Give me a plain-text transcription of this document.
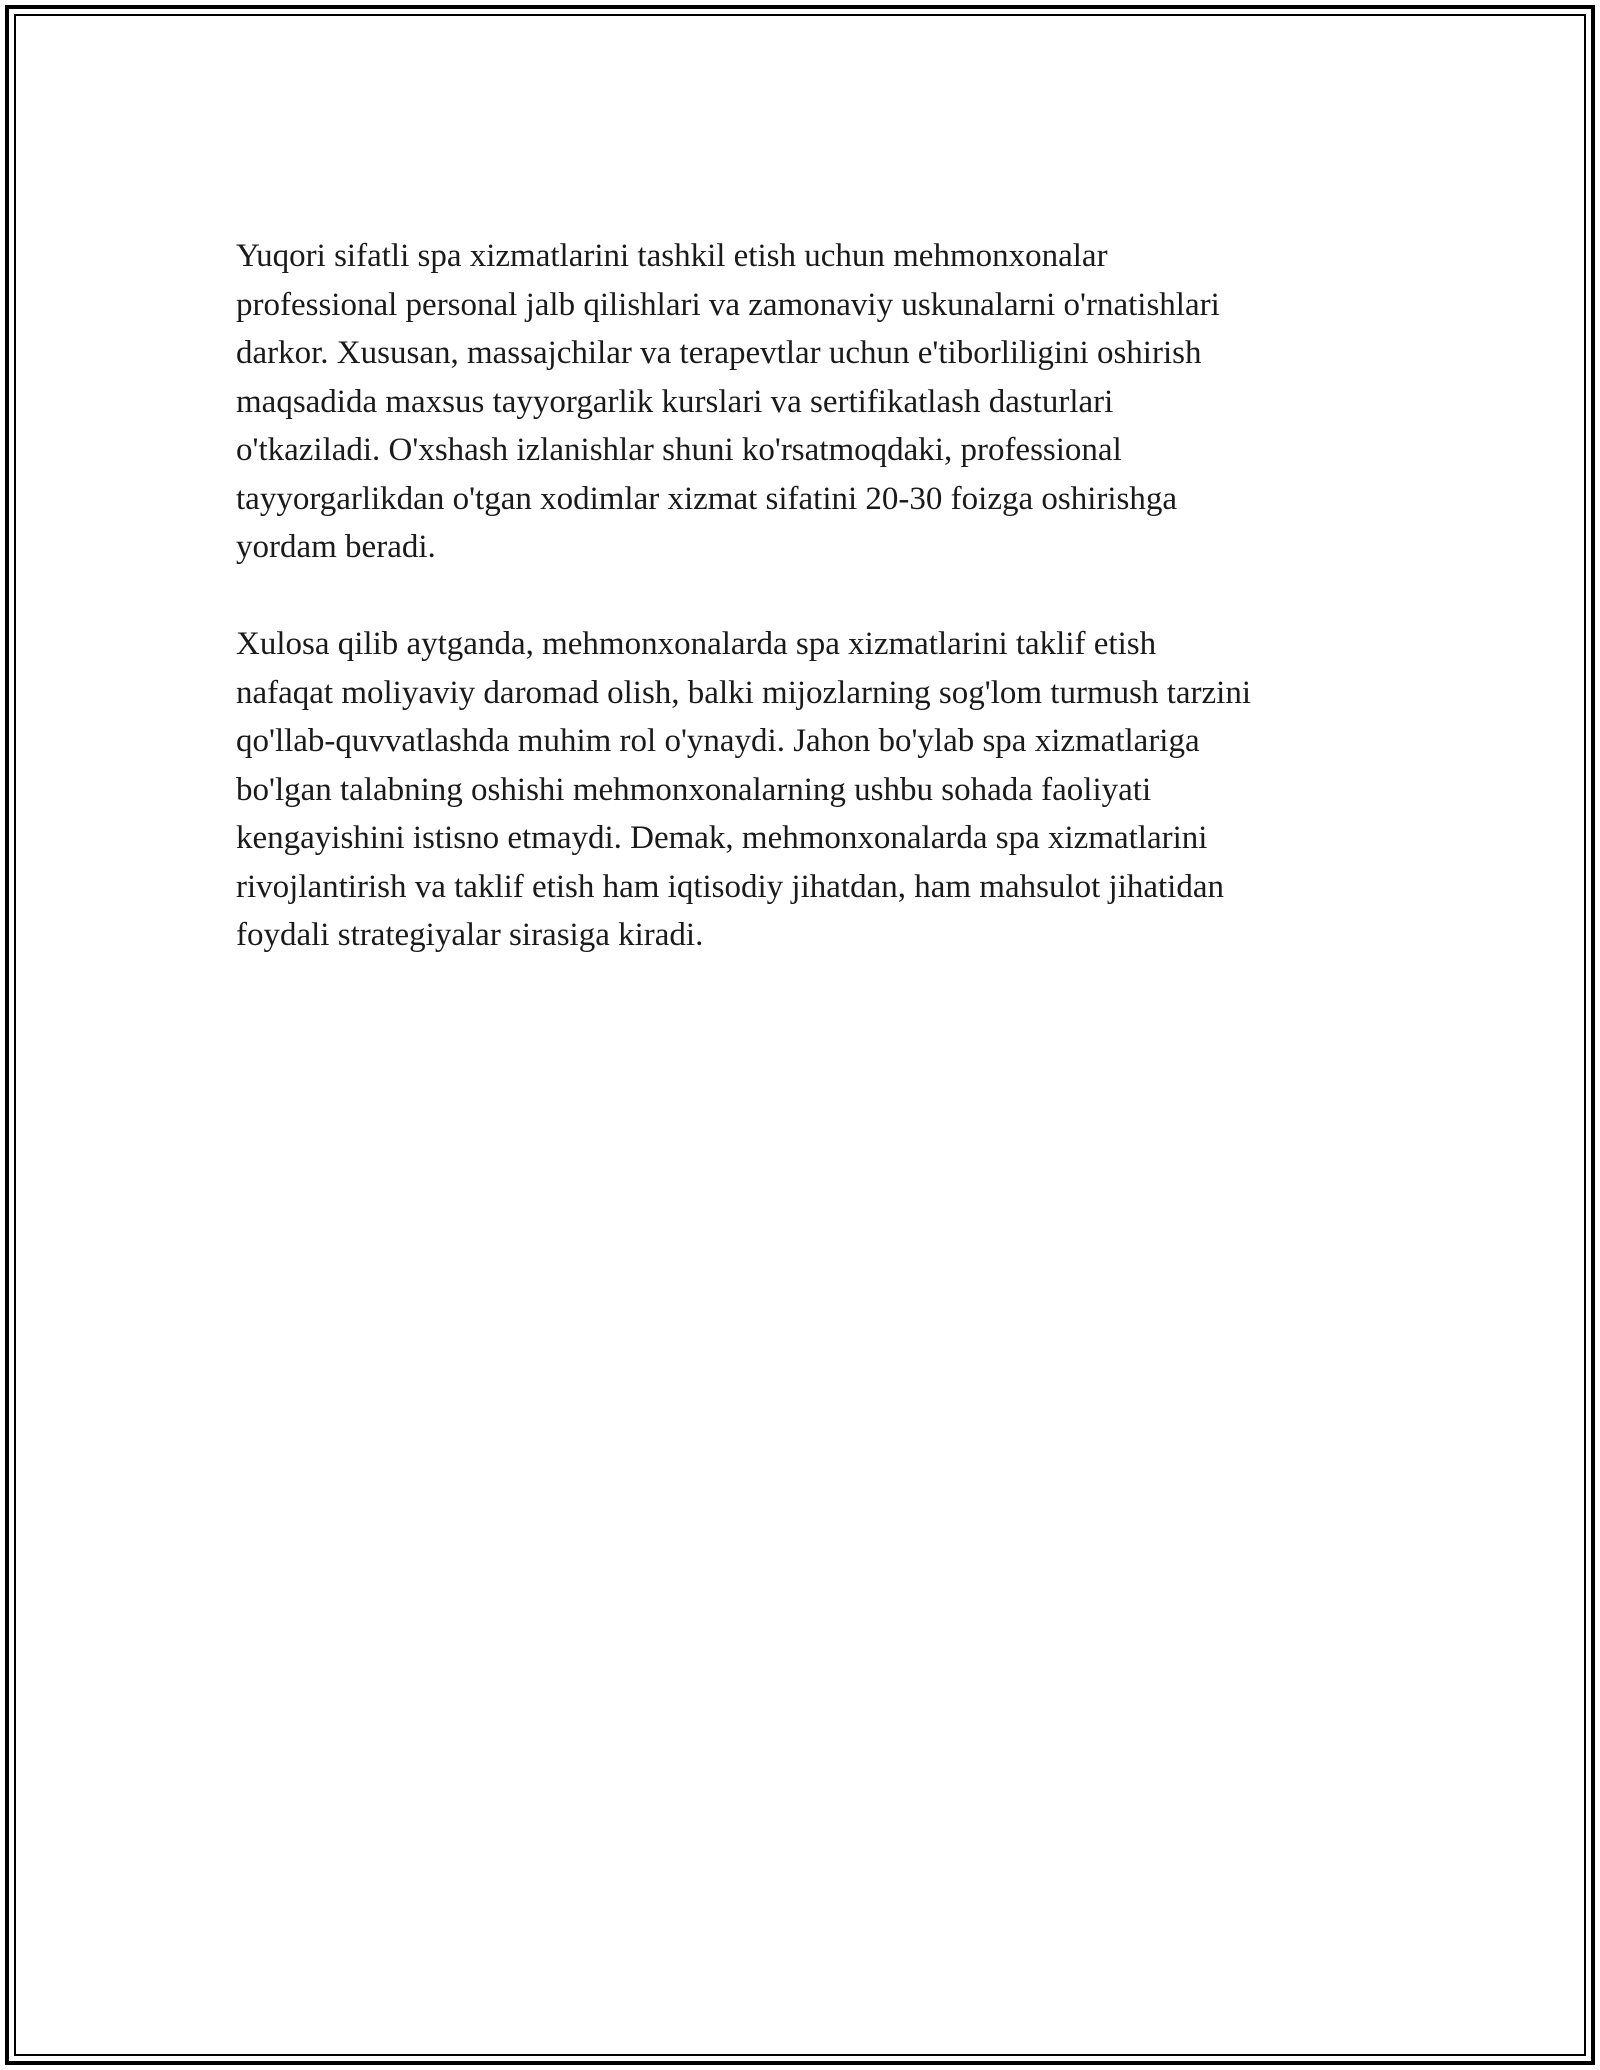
Yuqori sifatli spa xizmatlarini tashkil etish uchun mehmonxonalar
professional personal jalb qilishlari va zamonaviy uskunalarni o'rnatishlari
darkor. Xususan, massajchilar va terapevtlar uchun e'tiborliligini oshirish
maqsadida maxsus tayyorgarlik kurslari va sertifikatlash dasturlari
o'tkaziladi. O'xshash izlanishlar shuni ko'rsatmoqdaki, professional
tayyorgarlikdan o'tgan xodimlar xizmat sifatini 20-30 foizga oshirishga
yordam beradi.

Xulosa qilib aytganda, mehmonxonalarda spa xizmatlarini taklif etish
nafaqat moliyaviy daromad olish, balki mijozlarning sog'lom turmush tarzini
qo'llab-quvvatlashda muhim rol o'ynaydi. Jahon bo'ylab spa xizmatlariga
bo'lgan talabning oshishi mehmonxonalarning ushbu sohada faoliyati
kengayishini istisno etmaydi. Demak, mehmonxonalarda spa xizmatlarini
rivojlantirish va taklif etish ham iqtisodiy jihatdan, ham mahsulot jihatidan
foydali strategiyalar sirasiga kiradi.
